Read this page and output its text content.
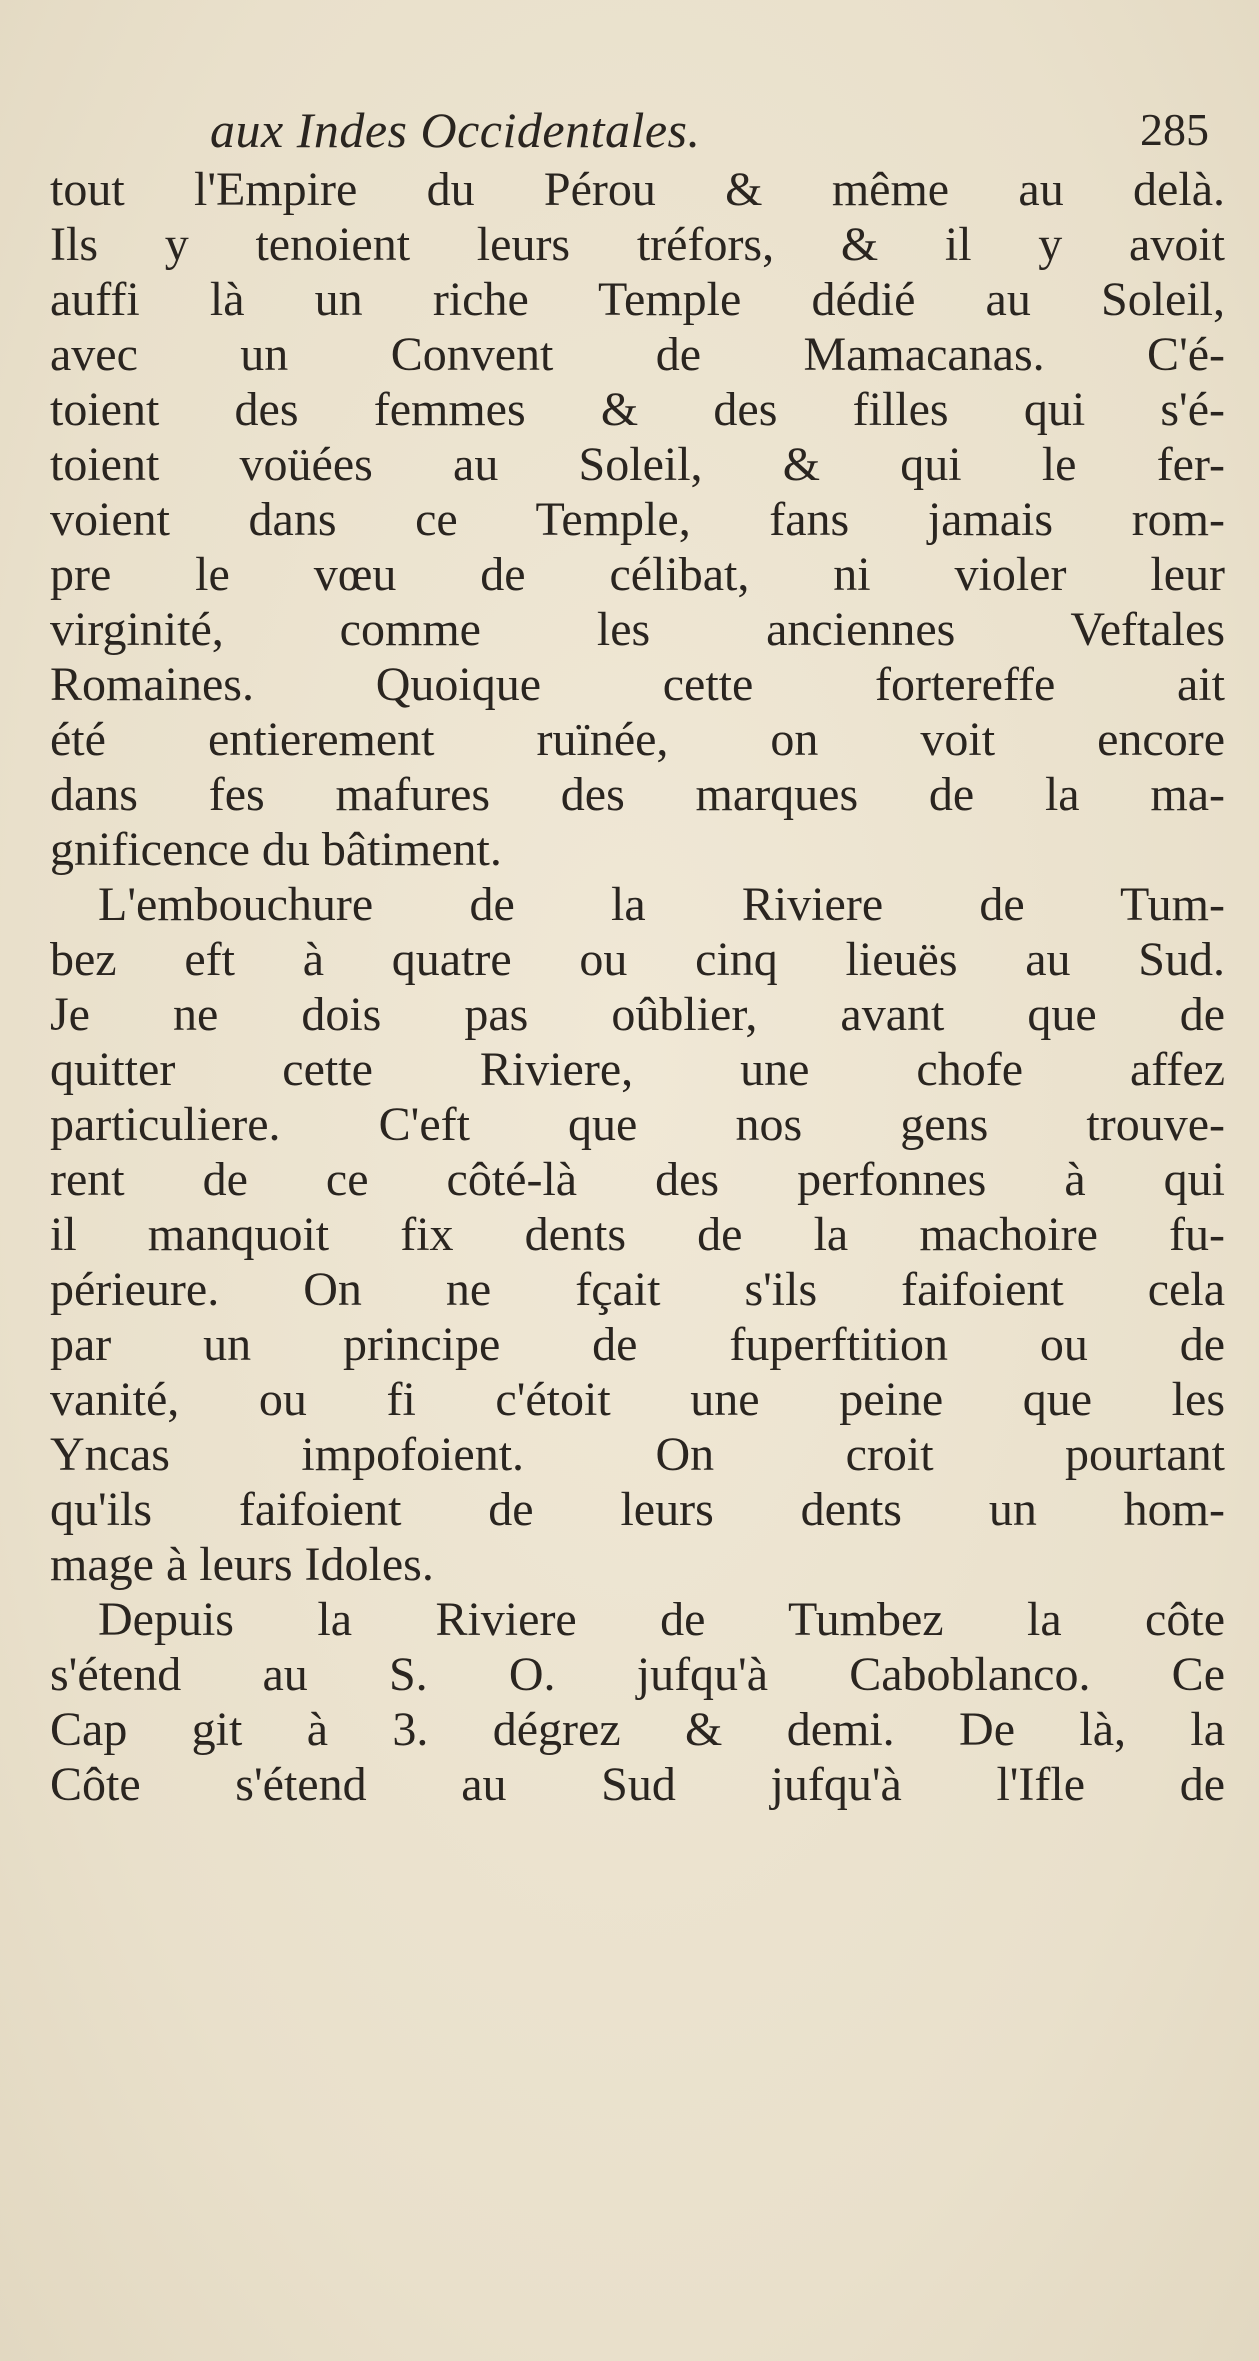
aux Indes Occidentales.	285
tout l'Empire du Pérou & même au delà.
Ils y tenoient leurs tréfors, & il y avoit
auffi là un riche Temple dédié au Soleil,
avec un Convent de Mamacanas. C'é-
toient des femmes & des filles qui s'é-
toient voüées au Soleil, & qui le fer-
voient dans ce Temple, fans jamais rom-
pre le vœu de célibat, ni violer leur
virginité, comme les anciennes Veftales
Romaines. Quoique cette fortereffe ait
été entierement ruïnée, on voit encore
dans fes mafures des marques de la ma-
gnificence du bâtiment.
L'embouchure de la Riviere de Tum-
bez eft à quatre ou cinq lieuës au Sud.
Je ne dois pas oûblier, avant que de
quitter cette Riviere, une chofe affez
particuliere. C'eft que nos gens trouve-
rent de ce côté-là des perfonnes à qui
il manquoit fix dents de la machoire fu-
périeure. On ne fçait s'ils faifoient cela
par un principe de fuperftition ou de
vanité, ou fi c'étoit une peine que les
Yncas impofoient. On croit pourtant
qu'ils faifoient de leurs dents un hom-
mage à leurs Idoles.
Depuis la Riviere de Tumbez la côte
s'étend au S. O. jufqu'à Caboblanco. Ce
Cap git à 3. dégrez & demi. De là, la
Côte s'étend au Sud jufqu'à l'Ifle de
